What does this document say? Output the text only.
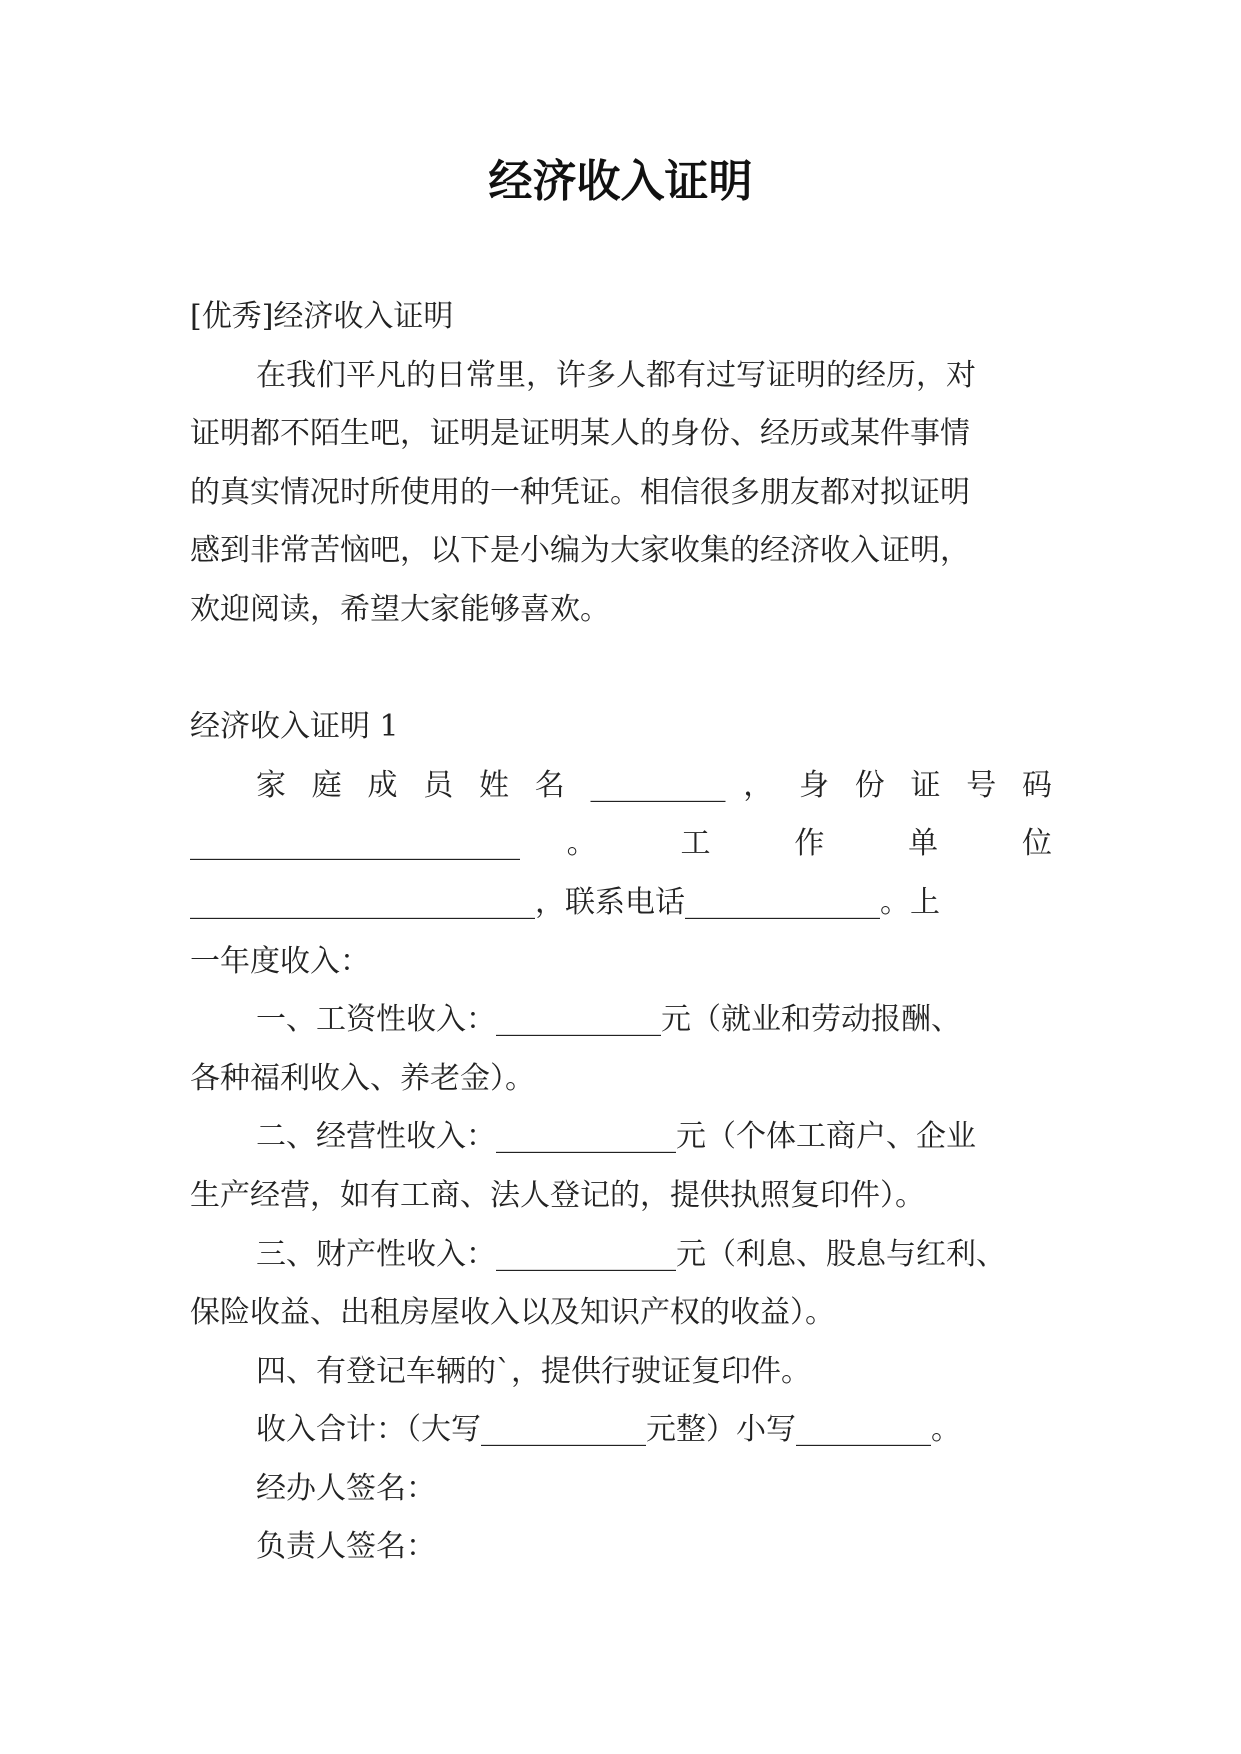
经济收入证明
[优秀]经济收入证明
在我们平凡的日常里，许多人都有过写证明的经历，对
证明都不陌生吧，证明是证明某人的身份、经历或某件事情
的真实情况时所使用的一种凭证。相信很多朋友都对拟证明
感到非常苦恼吧，以下是小编为大家收集的经济收入证明，
欢迎阅读，希望大家能够喜欢。
经济收入证明 1
家 庭 成 员 姓 名 _________ ， 身 份 证 号 码
______________________ 。 工 作 单 位
_______________________，联系电话_____________。上
一年度收入：
一、工资性收入：___________元（就业和劳动报酬、
各种福利收入、养老金）。
二、经营性收入：____________元（个体工商户、企业
生产经营，如有工商、法人登记的，提供执照复印件）。
三、财产性收入：____________元（利息、股息与红利、
保险收益、出租房屋收入以及知识产权的收益）。
四、有登记车辆的`，提供行驶证复印件。
收入合计：（大写___________元整）小写_________。
经办人签名：
负责人签名：
